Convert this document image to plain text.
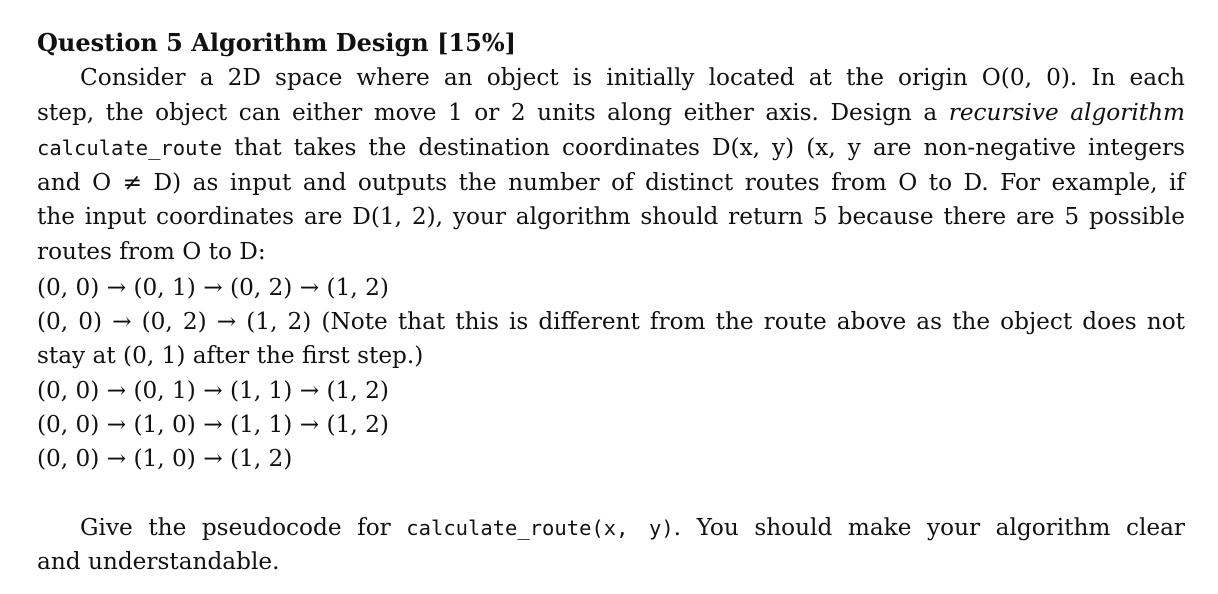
Question 5 Algorithm Design [15%]
Consider a 2D space where an object is initially located at the origin O(0, 0). In each
step, the object can either move 1 or 2 units along either axis. Design a recursive algorithm
calculate_route that takes the destination coordinates D(x, y) (x, y are non-negative integers
and O ≠ D) as input and outputs the number of distinct routes from O to D. For example, if
the input coordinates are D(1, 2), your algorithm should return 5 because there are 5 possible
routes from O to D:
(0, 0) → (0, 1) → (0, 2) → (1, 2)
(0, 0) → (0, 2) → (1, 2) (Note that this is different from the route above as the object does not
stay at (0, 1) after the first step.)
(0, 0) → (0, 1) → (1, 1) → (1, 2)
(0, 0) → (1, 0) → (1, 1) → (1, 2)
(0, 0) → (1, 0) → (1, 2)
Give the pseudocode for calculate_route(x, y). You should make your algorithm clear
and understandable.
